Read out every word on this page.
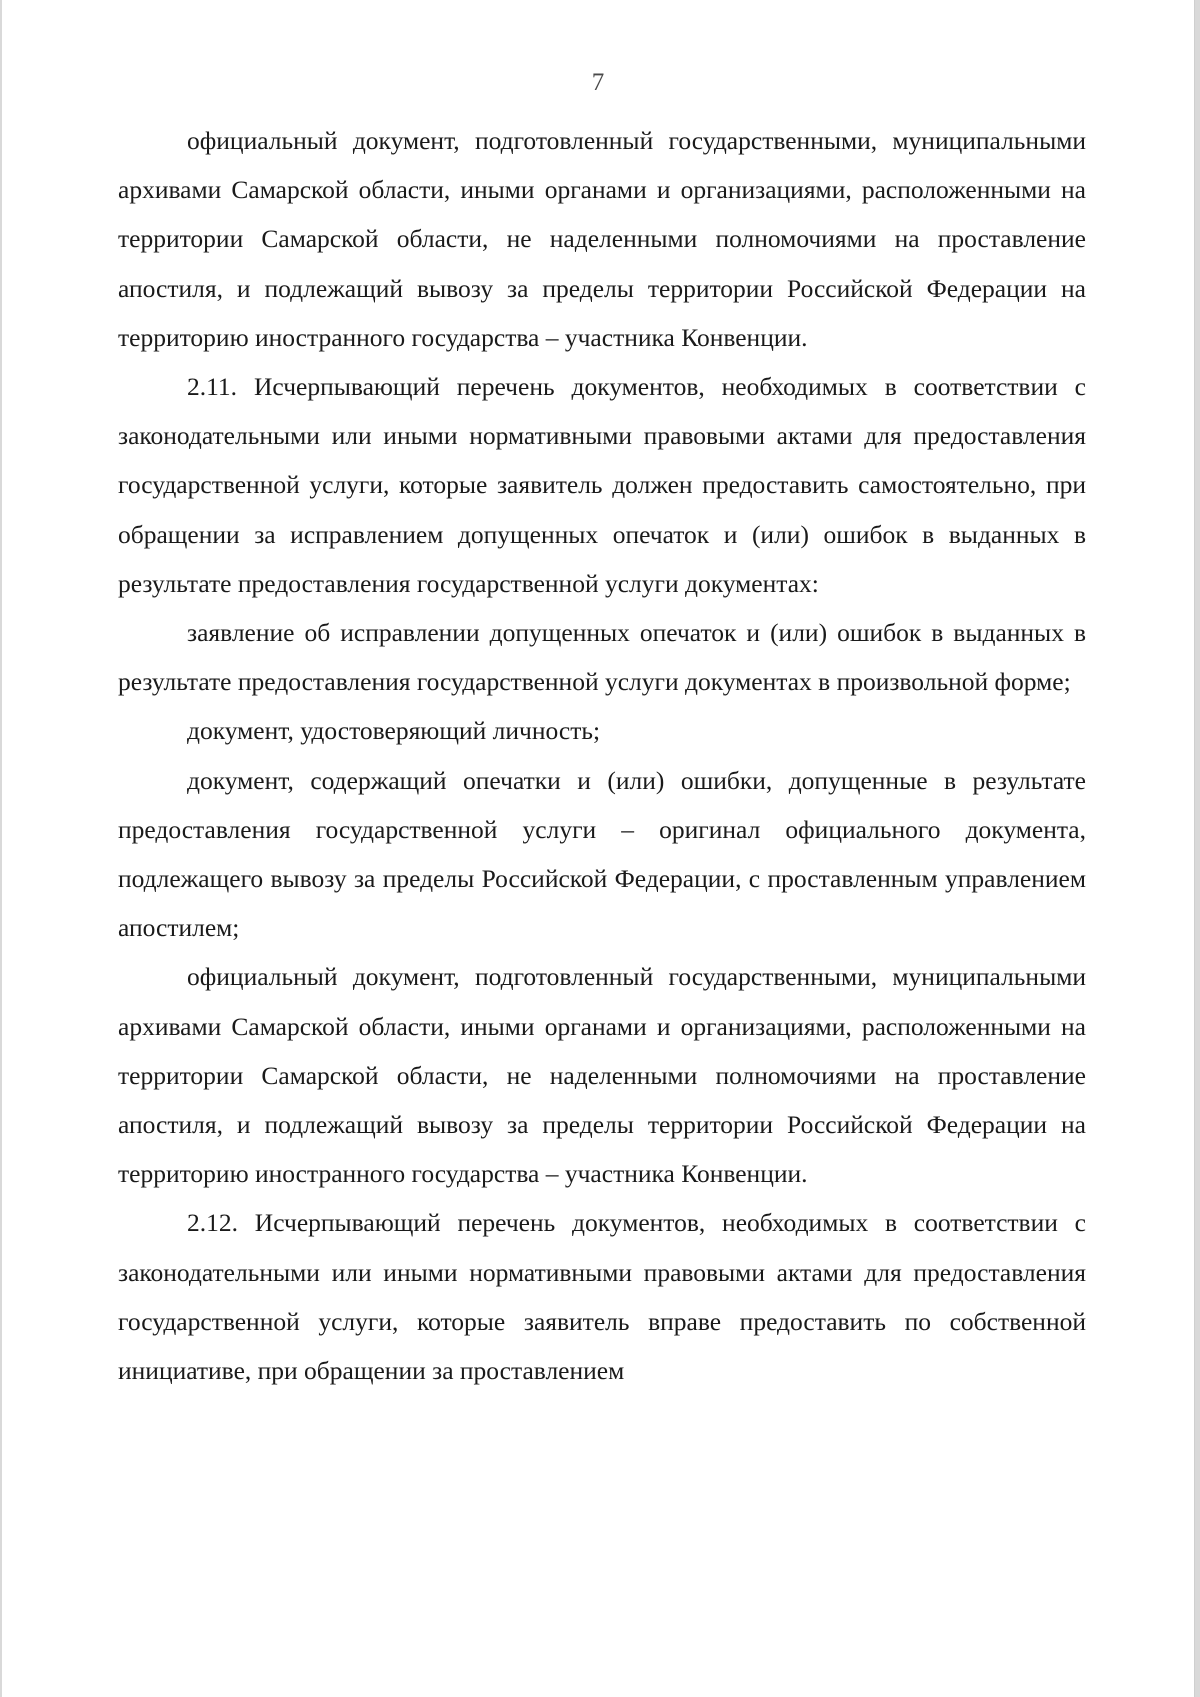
7

официальный документ, подготовленный государственными, муниципальными архивами Самарской области, иными органами и организациями, расположенными на территории Самарской области, не наделенными полномочиями на проставление апостиля, и подлежащий вывозу за пределы территории Российской Федерации на территорию иностранного государства – участника Конвенции.

2.11. Исчерпывающий перечень документов, необходимых в соответствии с законодательными или иными нормативными правовыми актами для предоставления государственной услуги, которые заявитель должен предоставить самостоятельно, при обращении за исправлением допущенных опечаток и (или) ошибок в выданных в результате предоставления государственной услуги документах:

заявление об исправлении допущенных опечаток и (или) ошибок в выданных в результате предоставления государственной услуги документах в произвольной форме;

документ, удостоверяющий личность;

документ, содержащий опечатки и (или) ошибки, допущенные в результате предоставления государственной услуги – оригинал официального документа, подлежащего вывозу за пределы Российской Федерации, с проставленным управлением апостилем;

официальный документ, подготовленный государственными, муниципальными архивами Самарской области, иными органами и организациями, расположенными на территории Самарской области, не наделенными полномочиями на проставление апостиля, и подлежащий вывозу за пределы территории Российской Федерации на территорию иностранного государства – участника Конвенции.

2.12. Исчерпывающий перечень документов, необходимых в соответствии с законодательными или иными нормативными правовыми актами для предоставления государственной услуги, которые заявитель вправе предоставить по собственной инициативе, при обращении за проставлением
